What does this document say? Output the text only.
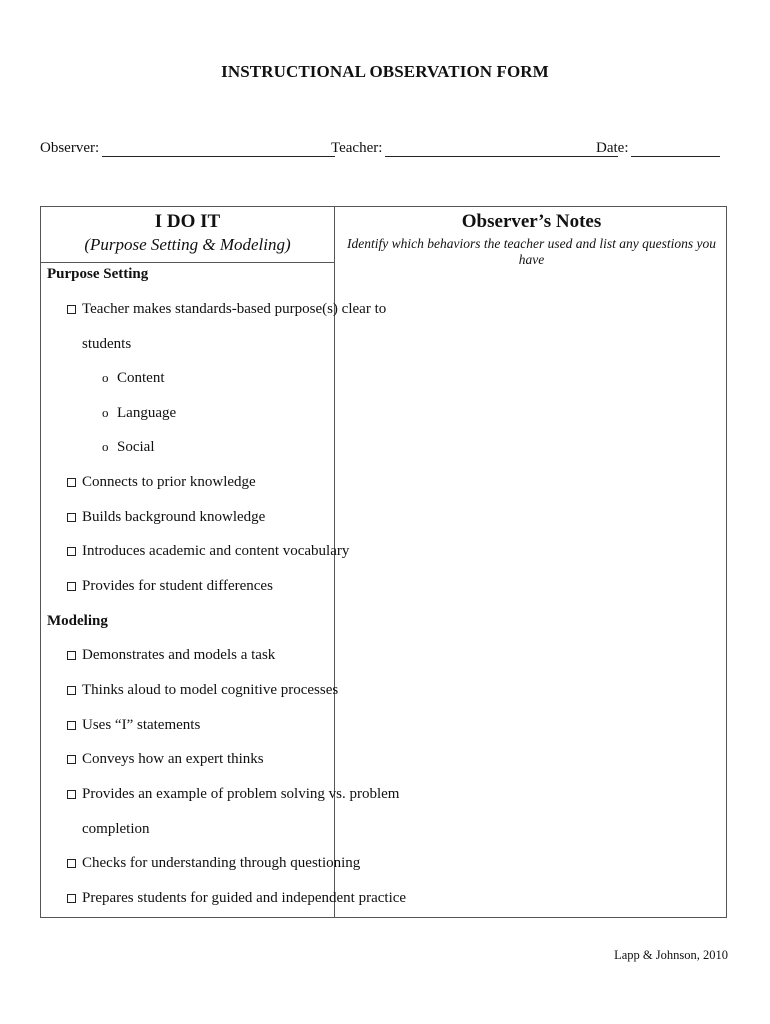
INSTRUCTIONAL OBSERVATION FORM
Observer:	Teacher:	Date:
I DO IT
(Purpose Setting & Modeling)
Observer’s Notes
Identify which behaviors the teacher used and list any questions you have
Purpose Setting
Teacher makes standards-based purpose(s) clear to
students
o Content
o Language
o Social
Connects to prior knowledge
Builds background knowledge
Introduces academic and content vocabulary
Provides for student differences
Modeling
Demonstrates and models a task
Thinks aloud to model cognitive processes
Uses “I” statements
Conveys how an expert thinks
Provides an example of problem solving vs. problem
completion
Checks for understanding through questioning
Prepares students for guided and independent practice
Lapp & Johnson, 2010
